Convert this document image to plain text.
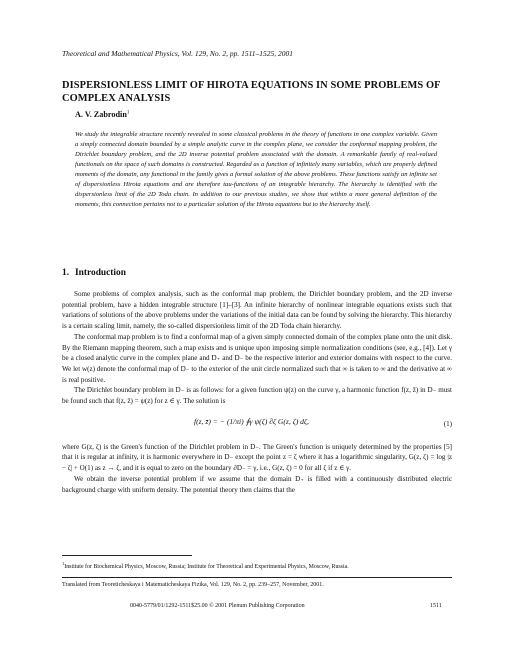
Theoretical and Mathematical Physics, Vol. 129, No. 2, pp. 1511–1525, 2001
DISPERSIONLESS LIMIT OF HIROTA EQUATIONS IN SOME PROBLEMS OF COMPLEX ANALYSIS
A. V. Zabrodin$^1$
We study the integrable structure recently revealed in some classical problems in the theory of functions in one complex variable. Given a simply connected domain bounded by a simple analytic curve in the complex plane, we consider the conformal mapping problem, the Dirichlet boundary problem, and the 2D inverse potential problem associated with the domain. A remarkable family of real-valued functionals on the space of such domains is constructed. Regarded as a function of infinitely many variables, which are properly defined moments of the domain, any functional in the family gives a formal solution of the above problems. These functions satisfy an infinite set of dispersionless Hirota equations and are therefore tau-functions of an integrable hierarchy. The hierarchy is identified with the dispersionless limit of the 2D Toda chain. In addition to our previous studies, we show that within a more general definition of the moments, this connection pertains not to a particular solution of the Hirota equations but to the hierarchy itself.
1. Introduction

Some problems of complex analysis, such as the conformal map problem, the Dirichlet boundary problem, and the 2D inverse potential problem, have a hidden integrable structure [1]–[3]. An infinite hierarchy of nonlinear integrable equations exists such that variations of solutions of the above problems under the variations of the initial data can be found by solving the hierarchy. This hierarchy is a certain scaling limit, namely, the so-called dispersionless limit of the 2D Toda chain hierarchy.

The conformal map problem is to find a conformal map of a given simply connected domain of the complex plane onto the unit disk. By the Riemann mapping theorem, such a map exists and is unique upon imposing simple normalization conditions (see, e.g., [4]). Let γ be a closed analytic curve in the complex plane and D₊ and D₋ be the respective interior and exterior domains with respect to the curve. We let w(z) denote the conformal map of D₋ to the exterior of the unit circle normalized such that ∞ is taken to ∞ and the derivative at ∞ is real positive.

The Dirichlet boundary problem in D₋ is as follows: for a given function ψ(z) on the curve γ, a harmonic function f(z, z̄) in D₋ must be found such that f(z, z̄) = ψ(z) for z ∈ γ. The solution is

f(z, z̄) = − (1/πi) ∮γ ψ(ζ) ∂ζ G(z, ζ) dζ,	(1)

where G(z, ζ) is the Green's function of the Dirichlet problem in D₋. The Green's function is uniquely determined by the properties [5] that it is regular at infinity, it is harmonic everywhere in D₋ except the point z = ζ where it has a logarithmic singularity, G(z, ζ) = log |z − ζ| + O(1) as z → ζ, and it is equal to zero on the boundary ∂D₋ = γ, i.e., G(z, ζ) = 0 for all ζ if z ∈ γ.

We obtain the inverse potential problem if we assume that the domain D₊ is filled with a continuously distributed electric background charge with uniform density. The potential theory then claims that the

$^1$Institute for Biochemical Physics, Moscow, Russia; Institute for Theoretical and Experimental Physics, Moscow, Russia.
Translated from Teoreticheskaya i Matematicheskaya Fizika, Vol. 129, No. 2, pp. 239–257, November, 2001.
0040-5779/01/1292-1511$25.00 © 2001 Plenum Publishing Corporation	1511
